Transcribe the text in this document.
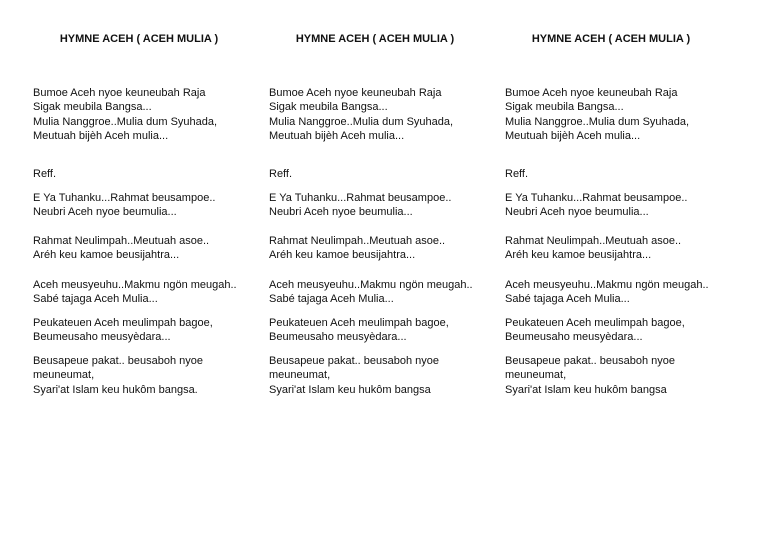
HYMNE ACEH ( ACEH MULIA )
Bumoe Aceh nyoe keuneubah Raja
Sigak meubila Bangsa...
Mulia Nanggroe..Mulia dum Syuhada,
Meutuah bijèh Aceh mulia...
Reff.
E Ya Tuhanku...Rahmat beusampoe..
Neubri Aceh nyoe beumulia...
Rahmat Neulimpah..Meutuah asoe..
Aréh keu kamoe beusijahtra...
Aceh meusyeuhu..Makmu ngön meugah..
Sabé tajaga Aceh Mulia...
Peukateuen Aceh meulimpah bagoe,
Beumeusaho meusyèdara...
Beusapeue pakat.. beusaboh nyoe meuneumat,
Syari'at Islam keu hukôm bangsa.
HYMNE ACEH ( ACEH MULIA )
Bumoe Aceh nyoe keuneubah Raja
Sigak meubila Bangsa...
Mulia Nanggroe..Mulia dum Syuhada,
Meutuah bijèh Aceh mulia...
Reff.
E Ya Tuhanku...Rahmat beusampoe..
Neubri Aceh nyoe beumulia...
Rahmat Neulimpah..Meutuah asoe..
Aréh keu kamoe beusijahtra...
Aceh meusyeuhu..Makmu ngön meugah..
Sabé tajaga Aceh Mulia...
Peukateuen Aceh meulimpah bagoe,
Beumeusaho meusyèdara...
Beusapeue pakat.. beusaboh nyoe meuneumat,
Syari'at Islam keu hukôm bangsa
HYMNE ACEH ( ACEH MULIA )
Bumoe Aceh nyoe keuneubah Raja
Sigak meubila Bangsa...
Mulia Nanggroe..Mulia dum Syuhada,
Meutuah bijèh Aceh mulia...
Reff.
E Ya Tuhanku...Rahmat beusampoe..
Neubri Aceh nyoe beumulia...
Rahmat Neulimpah..Meutuah asoe..
Aréh keu kamoe beusijahtra...
Aceh meusyeuhu..Makmu ngön meugah..
Sabé tajaga Aceh Mulia...
Peukateuen Aceh meulimpah bagoe,
Beumeusaho meusyèdara...
Beusapeue pakat.. beusaboh nyoe meuneumat,
Syari'at Islam keu hukôm bangsa
